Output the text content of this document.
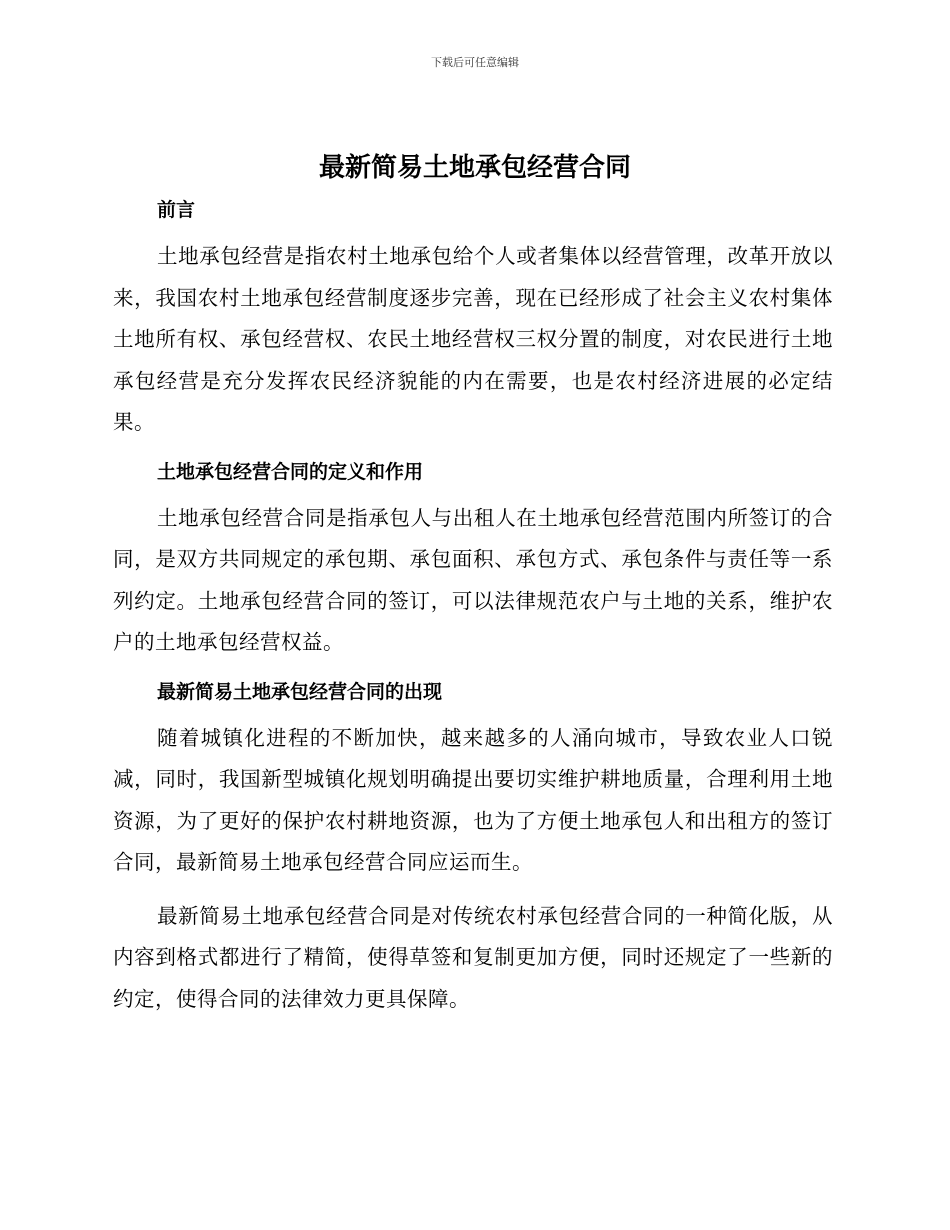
下载后可任意编辑
最新简易土地承包经营合同
前言

土地承包经营是指农村土地承包给个人或者集体以经营管理，改革开放以来，我国农村土地承包经营制度逐步完善，现在已经形成了社会主义农村集体土地所有权、承包经营权、农民土地经营权三权分置的制度，对农民进行土地承包经营是充分发挥农民经济貌能的内在需要，也是农村经济进展的必定结果。

土地承包经营合同的定义和作用

土地承包经营合同是指承包人与出租人在土地承包经营范围内所签订的合同，是双方共同规定的承包期、承包面积、承包方式、承包条件与责任等一系列约定。土地承包经营合同的签订，可以法律规范农户与土地的关系，维护农户的土地承包经营权益。

最新简易土地承包经营合同的出现

随着城镇化进程的不断加快，越来越多的人涌向城市，导致农业人口锐减，同时，我国新型城镇化规划明确提出要切实维护耕地质量，合理利用土地资源，为了更好的保护农村耕地资源，也为了方便土地承包人和出租方的签订合同，最新简易土地承包经营合同应运而生。

最新简易土地承包经营合同是对传统农村承包经营合同的一种简化版，从内容到格式都进行了精简，使得草签和复制更加方便，同时还规定了一些新的约定，使得合同的法律效力更具保障。
